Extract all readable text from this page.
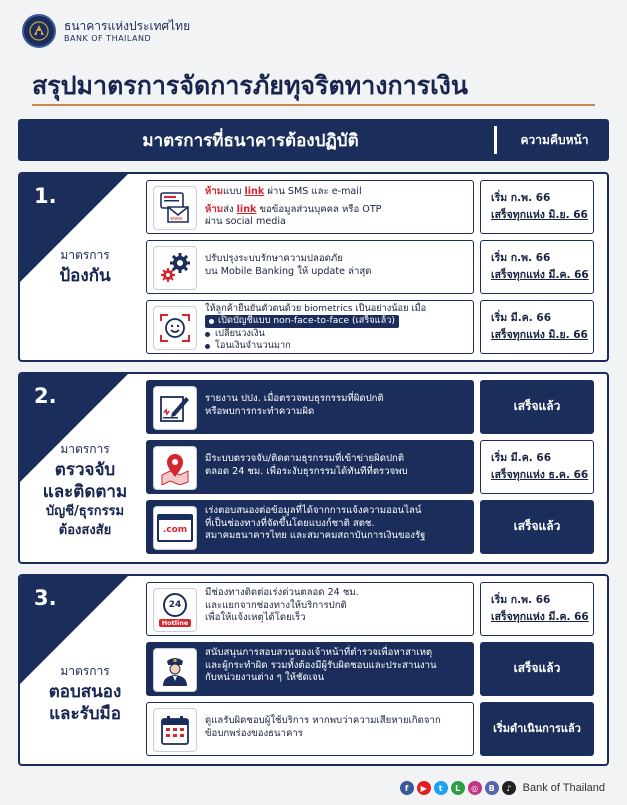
ธนาคารแห่งประเทศไทย
BANK OF THAILAND
สรุปมาตรการจัดการภัยทุจริตทางการเงิน
มาตรการที่ธนาคารต้องปฏิบัติ	ความคืบหน้า
1.
มาตรการ
ป้องกัน
www.
ห้ามแบบ link ผ่าน SMS และ e-mail
ห้ามส่ง link ขอข้อมูลส่วนบุคคล หรือ OTP
ผ่าน social media
เริ่ม ก.พ. 66
เสร็จทุกแห่ง มิ.ย. 66
ปรับปรุงระบบรักษาความปลอดภัย
บน Mobile Banking ให้ update ล่าสุด
เริ่ม ก.พ. 66
เสร็จทุกแห่ง มี.ค. 66
ให้ลูกค้ายืนยันตัวตนด้วย biometrics เป็นอย่างน้อย เมื่อ
เปิดบัญชีแบบ non-face-to-face (เสร็จแล้ว)
เปลี่ยนวงเงิน
โอนเงินจำนวนมาก
เริ่ม มี.ค. 66
เสร็จทุกแห่ง มิ.ย. 66
2.
มาตรการ
ตรวจจับ
และติดตาม
บัญชี/ธุรกรรม
ต้องสงสัย
รายงาน ปปง. เมื่อตรวจพบธุรกรรมที่ผิดปกติ
หรือพบการกระทำความผิด	เสร็จแล้ว
มีระบบตรวจจับ/ติดตามธุรกรรมที่เข้าข่ายผิดปกติ
ตลอด 24 ชม. เพื่อระงับธุรกรรมได้ทันทีที่ตรวจพบ
เริ่ม มี.ค. 66
เสร็จทุกแห่ง ธ.ค. 66
.com
เร่งตอบสนองต่อข้อมูลที่ได้จากการแจ้งความออนไลน์
ที่เป็นช่องทางที่จัดขึ้นโดยแบงก์ชาติ สตช.
สมาคมธนาคารไทย และสมาคมสถาบันการเงินของรัฐ
เสร็จแล้ว
3.
มาตรการ
ตอบสนอง
และรับมือ
24
Hotline
มีช่องทางติดต่อเร่งด่วนตลอด 24 ชม.
และแยกจากช่องทางให้บริการปกติ
เพื่อให้แจ้งเหตุได้โดยเร็ว
เริ่ม ก.พ. 66
เสร็จทุกแห่ง มี.ค. 66
สนับสนุนการสอบสวนของเจ้าหน้าที่ตำรวจเพื่อหาสาเหตุ
และผู้กระทำผิด รวมทั้งต้องมีผู้รับผิดชอบและประสานงาน
กับหน่วยงานต่าง ๆ ให้ชัดเจน
เสร็จแล้ว
ดูแลรับผิดชอบผู้ใช้บริการ หากพบว่าความเสียหายเกิดจาก
ข้อบกพร่องของธนาคาร	เริ่มดำเนินการแล้ว
f	▶	t	L	◎	B	♪	Bank of Thailand
